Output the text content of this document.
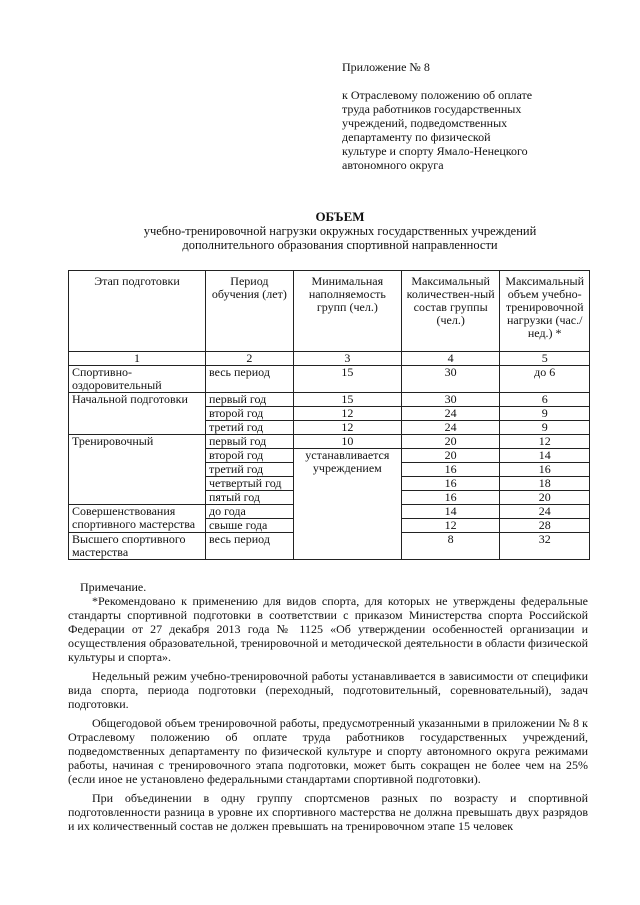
Приложение № 8
к Отраслевому положению об оплате
труда работников государственных
учреждений, подведомственных
департаменту по физической
культуре и спорту Ямало-Ненецкого
автономного округа
ОБЪЕМ
учебно-тренировочной нагрузки окружных государственных учреждений
дополнительного образования спортивной направленности
Этап подготовки	Период обучения (лет)	Минимальная наполняемость групп (чел.)	Максимальный количествен-ный состав группы (чел.)	Максимальный объем учебно-тренировочной нагрузки (час./нед.) *
1	2	3	4	5
Спортивно-оздоровительный	весь период	15	30	до 6
Начальной подготовки	первый год	15	30	6
	второй год	12	24	9
	третий год	12	24	9
Тренировочный	первый год	10	20	12
	второй год	устанавливается учреждением	20	14
	третий год		16	16
	четвертый год		16	18
	пятый год		16	20
Совершенствования спортивного мастерства	до года		14	24
	свыше года		12	28
Высшего спортивного мастерства	весь период		8	32

Примечание.

*Рекомендовано к применению для видов спорта, для которых не утверждены федеральные стандарты спортивной подготовки в соответствии с приказом Министерства спорта Российской Федерации от 27 декабря 2013 года № 1125 «Об утверждении особенностей организации и осуществления образовательной, тренировочной и методической деятельности в области физической культуры и спорта».

Недельный режим учебно-тренировочной работы устанавливается в зависимости от специфики вида спорта, периода подготовки (переходный, подготовительный, соревновательный), задач подготовки.

Общегодовой объем тренировочной работы, предусмотренный указанными в приложении № 8 к Отраслевому положению об оплате труда работников государственных учреждений, подведомственных департаменту по физической культуре и спорту автономного округа режимами работы, начиная с тренировочного этапа подготовки, может быть сокращен не более чем на 25% (если иное не установлено федеральными стандартами спортивной подготовки).

При объединении в одну группу спортсменов разных по возрасту и спортивной подготовленности разница в уровне их спортивного мастерства не должна превышать двух разрядов и их количественный состав не должен превышать на тренировочном этапе 15 человек
